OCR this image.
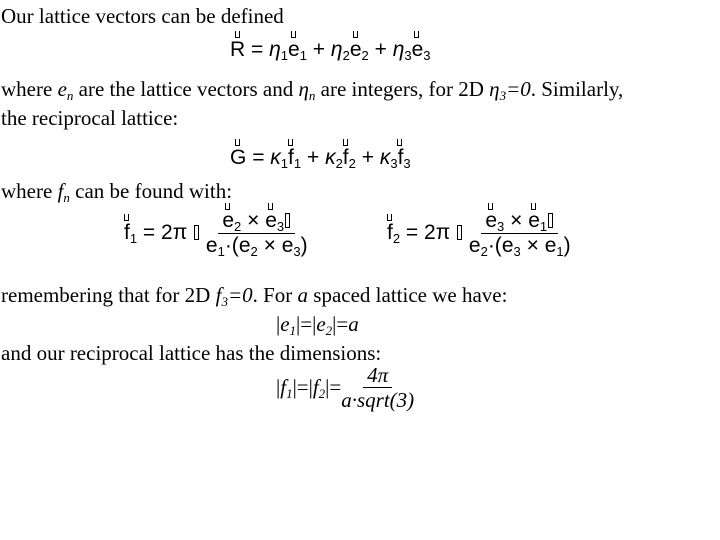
Our lattice vectors can be defined
$R = \eta_1e_1 + \eta_2e_2 + \eta_3e_3$
where $e_n$ are the lattice vectors and $\eta_n$ are integers, for 2D $\eta_3=0$. Similarly,
the reciprocal lattice:
$G = \kappa_1f_1 + \kappa_2f_2 + \kappa_3f_3$
where $f_n$ can be found with:
$f_1 = 2\pi \frac{e_2 \times e_3}{e_1\cdot(e_2 \times e_3)}$	$f_2 = 2\pi \frac{e_3 \times e_1}{e_2\cdot(e_3 \times e_1)}$
remembering that for 2D $f_3=0$. For a spaced lattice we have:
$|e_1|=|e_2|=a$
and our reciprocal lattice has the dimensions:
$|f_1|=|f_2|= \frac{4\pi}{\text{a·sqrt(3)}}$
